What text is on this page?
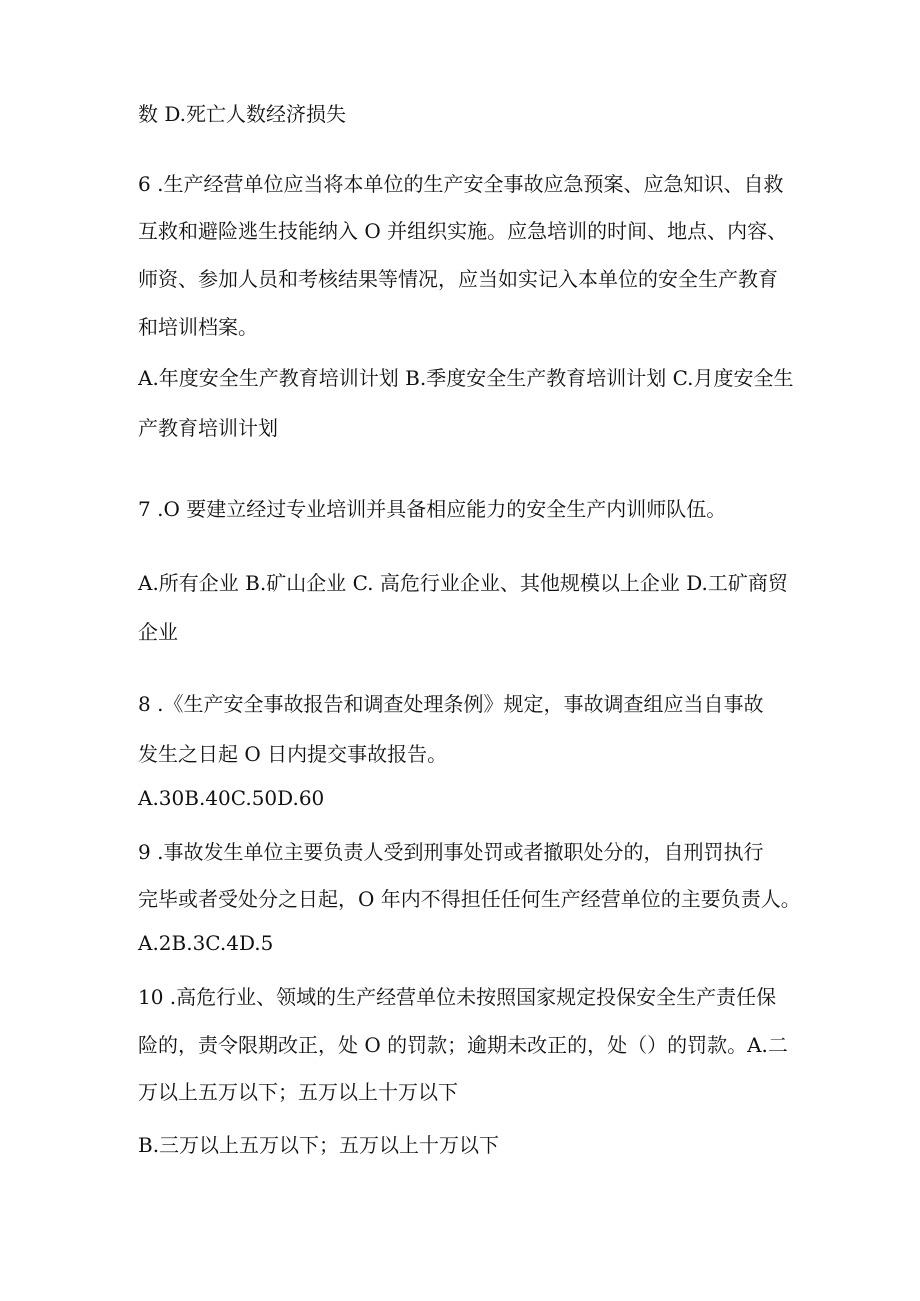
数 D.死亡人数经济损失

6 .生产经营单位应当将本单位的生产安全事故应急预案、应急知识、自救

互救和避险逃生技能纳入 O 并组织实施。应急培训的时间、地点、内容、

师资、参加人员和考核结果等情况，应当如实记入本单位的安全生产教育

和培训档案。

A.年度安全生产教育培训计划 B.季度安全生产教育培训计划 C.月度安全生

产教育培训计划

7 .O 要建立经过专业培训并具备相应能力的安全生产内训师队伍。

A.所有企业 B.矿山企业 C. 高危行业企业、其他规模以上企业 D.工矿商贸

企业

8 .《生产安全事故报告和调查处理条例》规定，事故调查组应当自事故

发生之日起 O 日内提交事故报告。

A.30B.40C.50D.60

9 .事故发生单位主要负责人受到刑事处罚或者撤职处分的，自刑罚执行

完毕或者受处分之日起，O 年内不得担任任何生产经营单位的主要负责人。

A.2B.3C.4D.5

10 .高危行业、领域的生产经营单位未按照国家规定投保安全生产责任保

险的，责令限期改正，处 O 的罚款；逾期未改正的，处（）的罚款。A.二

万以上五万以下；五万以上十万以下

B.三万以上五万以下；五万以上十万以下
